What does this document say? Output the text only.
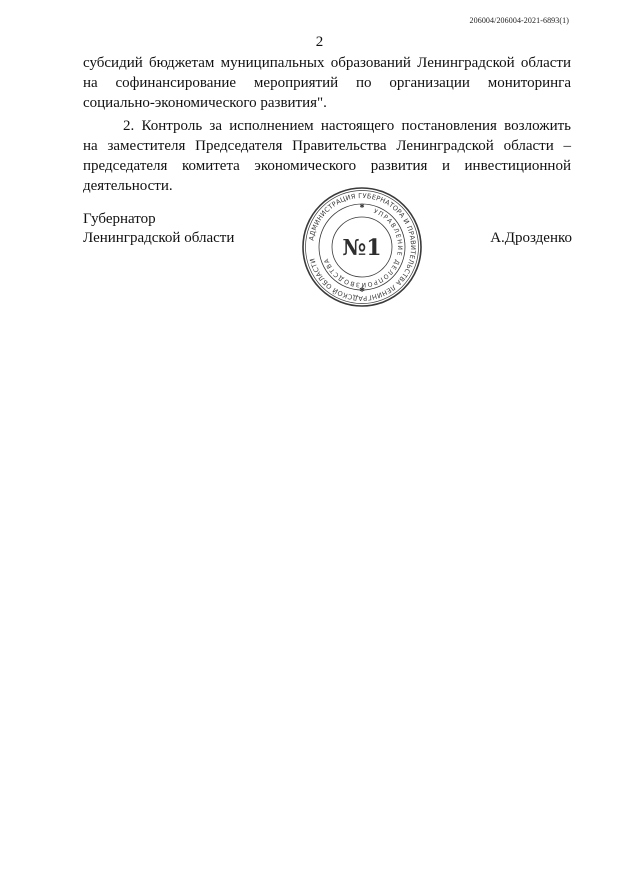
206004/206004-2021-6893(1)
2
субсидий бюджетам муниципальных образований Ленинградской области
на софинансирование мероприятий по организации мониторинга
социально-экономического развития".
2. Контроль за исполнением настоящего постановления возложить
на заместителя Председателя Правительства Ленинградской области –
председателя комитета экономического развития и инвестиционной
деятельности.
Губернатор
Ленинградской области	АДМИНИСТРАЦИЯ ГУБЕРНАТОРА И ПРАВИТЕЛЬСТВА ЛЕНИНГРАДСКОЙ ОБЛАСТИ
УПРАВЛЕНИЕ ДЕЛОПРОИЗВОДСТВА №1
✱
✱
А.Дрозденко
